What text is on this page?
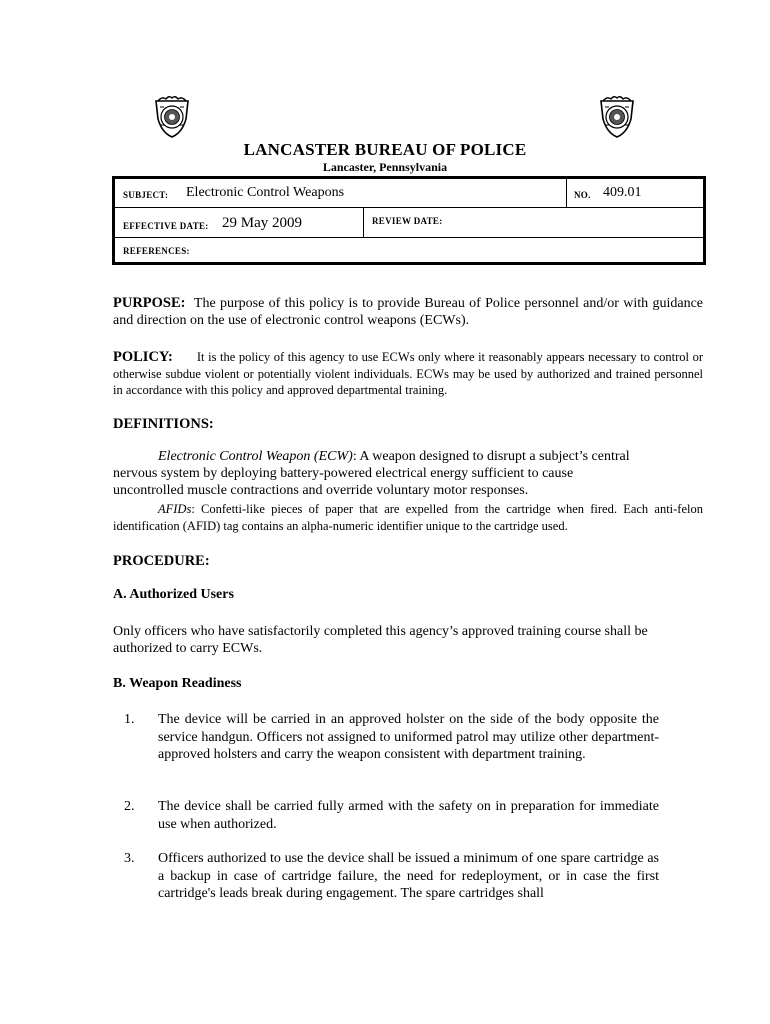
LANCASTER BUREAU OF POLICE
Lancaster, Pennsylvania
SUBJECT: Electronic Control Weapons	NO. 409.01
EFFECTIVE DATE: 29 May 2009	REVIEW DATE:
REFERENCES:
PURPOSE: The purpose of this policy is to provide Bureau of Police personnel and/or with guidance and direction on the use of electronic control weapons (ECWs).
POLICY: It is the policy of this agency to use ECWs only where it reasonably appears necessary to control or otherwise subdue violent or potentially violent individuals. ECWs may be used by authorized and trained personnel in accordance with this policy and approved departmental training.
DEFINITIONS:
Electronic Control Weapon (ECW): A weapon designed to disrupt a subject’s central nervous system by deploying battery-powered electrical energy sufficient to cause uncontrolled muscle contractions and override voluntary motor responses.
AFIDs: Confetti-like pieces of paper that are expelled from the cartridge when fired. Each anti-felon identification (AFID) tag contains an alpha-numeric identifier unique to the cartridge used.
PROCEDURE:
A. Authorized Users
Only officers who have satisfactorily completed this agency’s approved training course shall be authorized to carry ECWs.
B. Weapon Readiness
1. The device will be carried in an approved holster on the side of the body opposite the service handgun. Officers not assigned to uniformed patrol may utilize other department-approved holsters and carry the weapon consistent with department training.
2. The device shall be carried fully armed with the safety on in preparation for immediate use when authorized.
3. Officers authorized to use the device shall be issued a minimum of one spare cartridge as a backup in case of cartridge failure, the need for redeployment, or in case the first cartridge's leads break during engagement. The spare cartridges shall
